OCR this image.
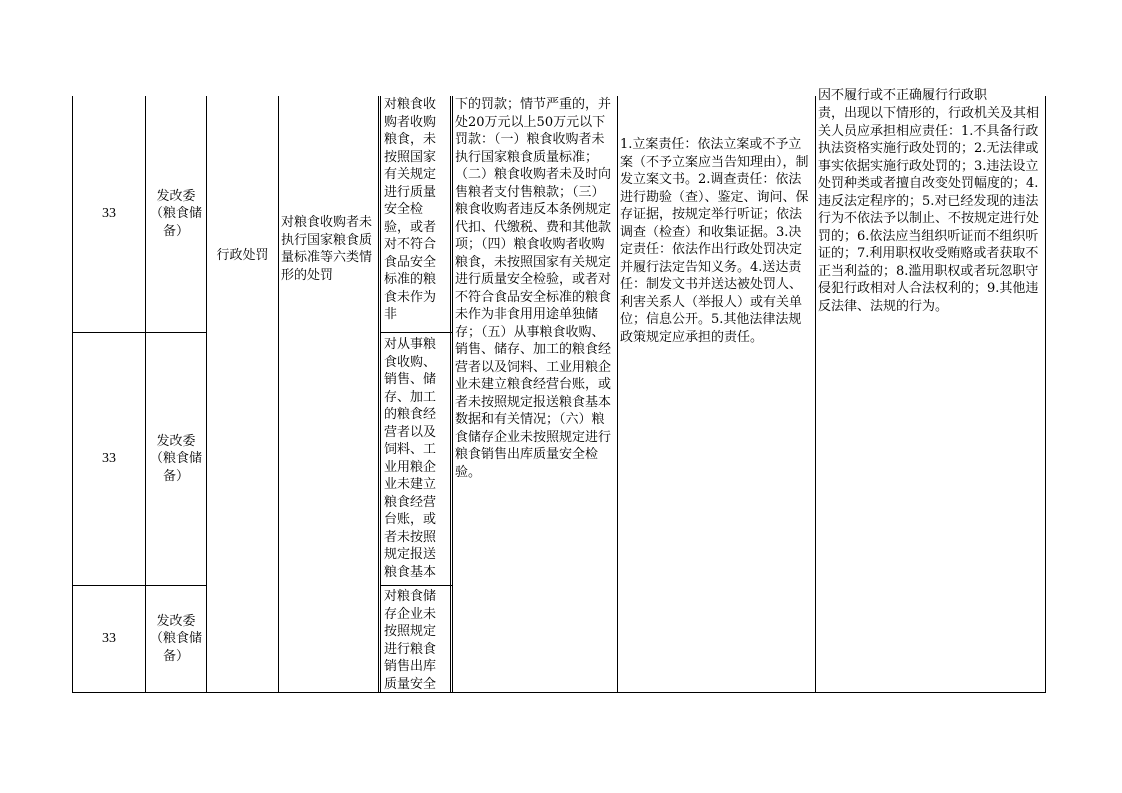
33
发改委（粮食储备）
对粮食收购者收购粮食，未按照国家有关规定进行质量安全检验，或者对不符合食品安全标准的粮食未作为非
33
发改委（粮食储备）
对从事粮食收购、销售、储存、加工的粮食经营者以及饲料、工业用粮企业未建立粮食经营台账，或者未按照规定报送粮食基本
33
发改委（粮食储备）
对粮食储存企业未按照规定进行粮食销售出库质量安全
行政处罚
对粮食收购者未执行国家粮食质量标准等六类情形的处罚
下的罚款；情节严重的，并处20万元以上50万元以下罚款：（一）粮食收购者未执行国家粮食质量标准；（二）粮食收购者未及时向售粮者支付售粮款；（三）粮食收购者违反本条例规定代扣、代缴税、费和其他款项；（四）粮食收购者收购粮食，未按照国家有关规定进行质量安全检验，或者对不符合食品安全标准的粮食未作为非食用用途单独储存；（五）从事粮食收购、销售、储存、加工的粮食经营者以及饲料、工业用粮企业未建立粮食经营台账，或者未按照规定报送粮食基本数据和有关情况；（六）粮食储存企业未按照规定进行粮食销售出库质量安全检验。
1.立案责任：依法立案或不予立案（不予立案应当告知理由），制发立案文书。2.调查责任：依法进行勘验（查）、鉴定、询问、保存证据，按规定举行听证；依法调查（检查）和收集证据。3.决定责任：依法作出行政处罚决定并履行法定告知义务。4.送达责任：制发文书并送达被处罚人、利害关系人（举报人）或有关单位；信息公开。5.其他法律法规政策规定应承担的责任。
因不履行或不正确履行行政职
责，出现以下情形的，行政机关及其相关人员应承担相应责任：1.不具备行政执法资格实施行政处罚的；2.无法律或事实依据实施行政处罚的；3.违法设立处罚种类或者擅自改变处罚幅度的；4.违反法定程序的；5.对已经发现的违法行为不依法予以制止、不按规定进行处罚的；6.依法应当组织听证而不组织听证的；7.利用职权收受贿赂或者获取不正当利益的；8.滥用职权或者玩忽职守侵犯行政相对人合法权利的；9.其他违反法律、法规的行为。
